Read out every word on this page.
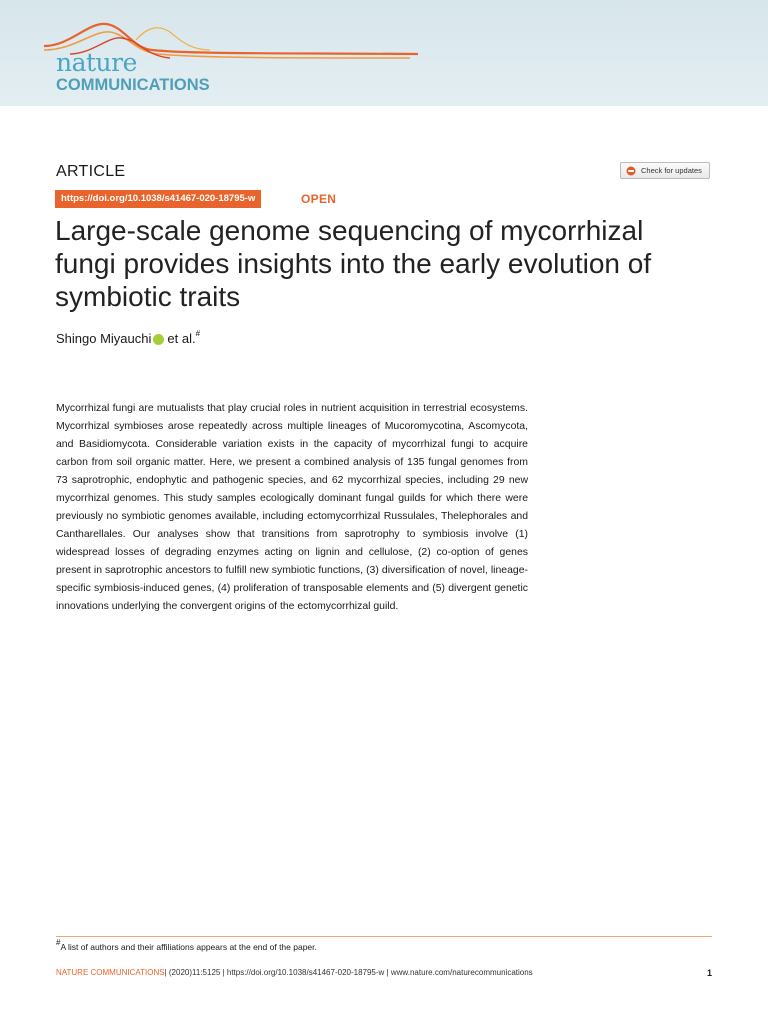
nature
COMMUNICATIONS
ARTICLE
https://doi.org/10.1038/s41467-020-18795-w	OPEN
Check for updates
Large-scale genome sequencing of mycorrhizal fungi provides insights into the early evolution of symbiotic traits
Shingo Miyauchi et al. #

Mycorrhizal fungi are mutualists that play crucial roles in nutrient acquisition in terrestrial ecosystems. Mycorrhizal symbioses arose repeatedly across multiple lineages of Mucoromycotina, Ascomycota, and Basidiomycota. Considerable variation exists in the capacity of mycorrhizal fungi to acquire carbon from soil organic matter. Here, we present a combined analysis of 135 fungal genomes from 73 saprotrophic, endophytic and pathogenic species, and 62 mycorrhizal species, including 29 new mycorrhizal genomes. This study samples ecologically dominant fungal guilds for which there were previously no symbiotic genomes available, including ectomycorrhizal Russulales, Thelephorales and Cantharellales. Our analyses show that transitions from saprotrophy to symbiosis involve (1) widespread losses of degrading enzymes acting on lignin and cellulose, (2) co-option of genes present in saprotrophic ancestors to fulfill new symbiotic functions, (3) diversification of novel, lineage-specific symbiosis-induced genes, (4) proliferation of transposable elements and (5) divergent genetic innovations underlying the convergent origins of the ectomycorrhizal guild.

#A list of authors and their affiliations appears at the end of the paper.
NATURE COMMUNICATIONS| (2020)11:5125 | https://doi.org/10.1038/s41467-020-18795-w | www.nature.com/naturecommunications	1
